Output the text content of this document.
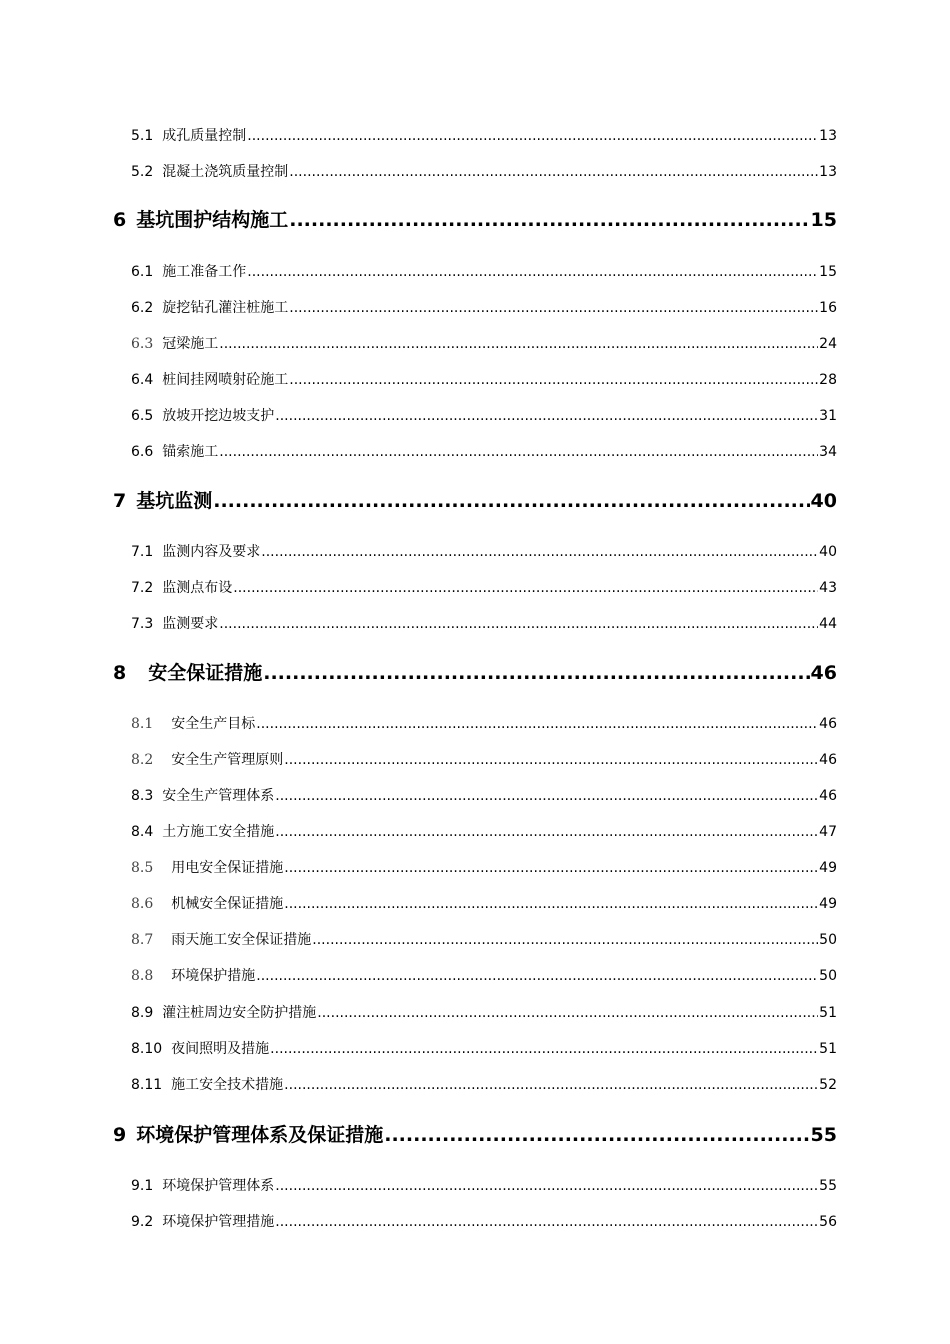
5.1 成孔质量控制 .....	13
5.2 混凝土浇筑质量控制 .....	13
6 基坑围护结构施工 .....	15
6.1 施工准备工作 .....	15
6.2 旋挖钻孔灌注桩施工 .....	16
6.3 冠梁施工 .....	24
6.4 桩间挂网喷射砼施工 .....	28
6.5 放坡开挖边坡支护 .....	31
6.6 锚索施工 .....	34
7 基坑监测 .....	40
7.1 监测内容及要求 .....	40
7.2 监测点布设 .....	43
7.3 监测要求 .....	44
8 安全保证措施 .....	46
8.1 安全生产目标 .....	46
8.2 安全生产管理原则 .....	46
8.3 安全生产管理体系 .....	46
8.4 土方施工安全措施 .....	47
8.5 用电安全保证措施 .....	49
8.6 机械安全保证措施 .....	49
8.7 雨天施工安全保证措施 .....	50
8.8 环境保护措施 .....	50
8.9 灌注桩周边安全防护措施 .....	51
8.10 夜间照明及措施 .....	51
8.11 施工安全技术措施 .....	52
9 环境保护管理体系及保证措施 .....	55
9.1 环境保护管理体系 .....	55
9.2 环境保护管理措施 .....	56
